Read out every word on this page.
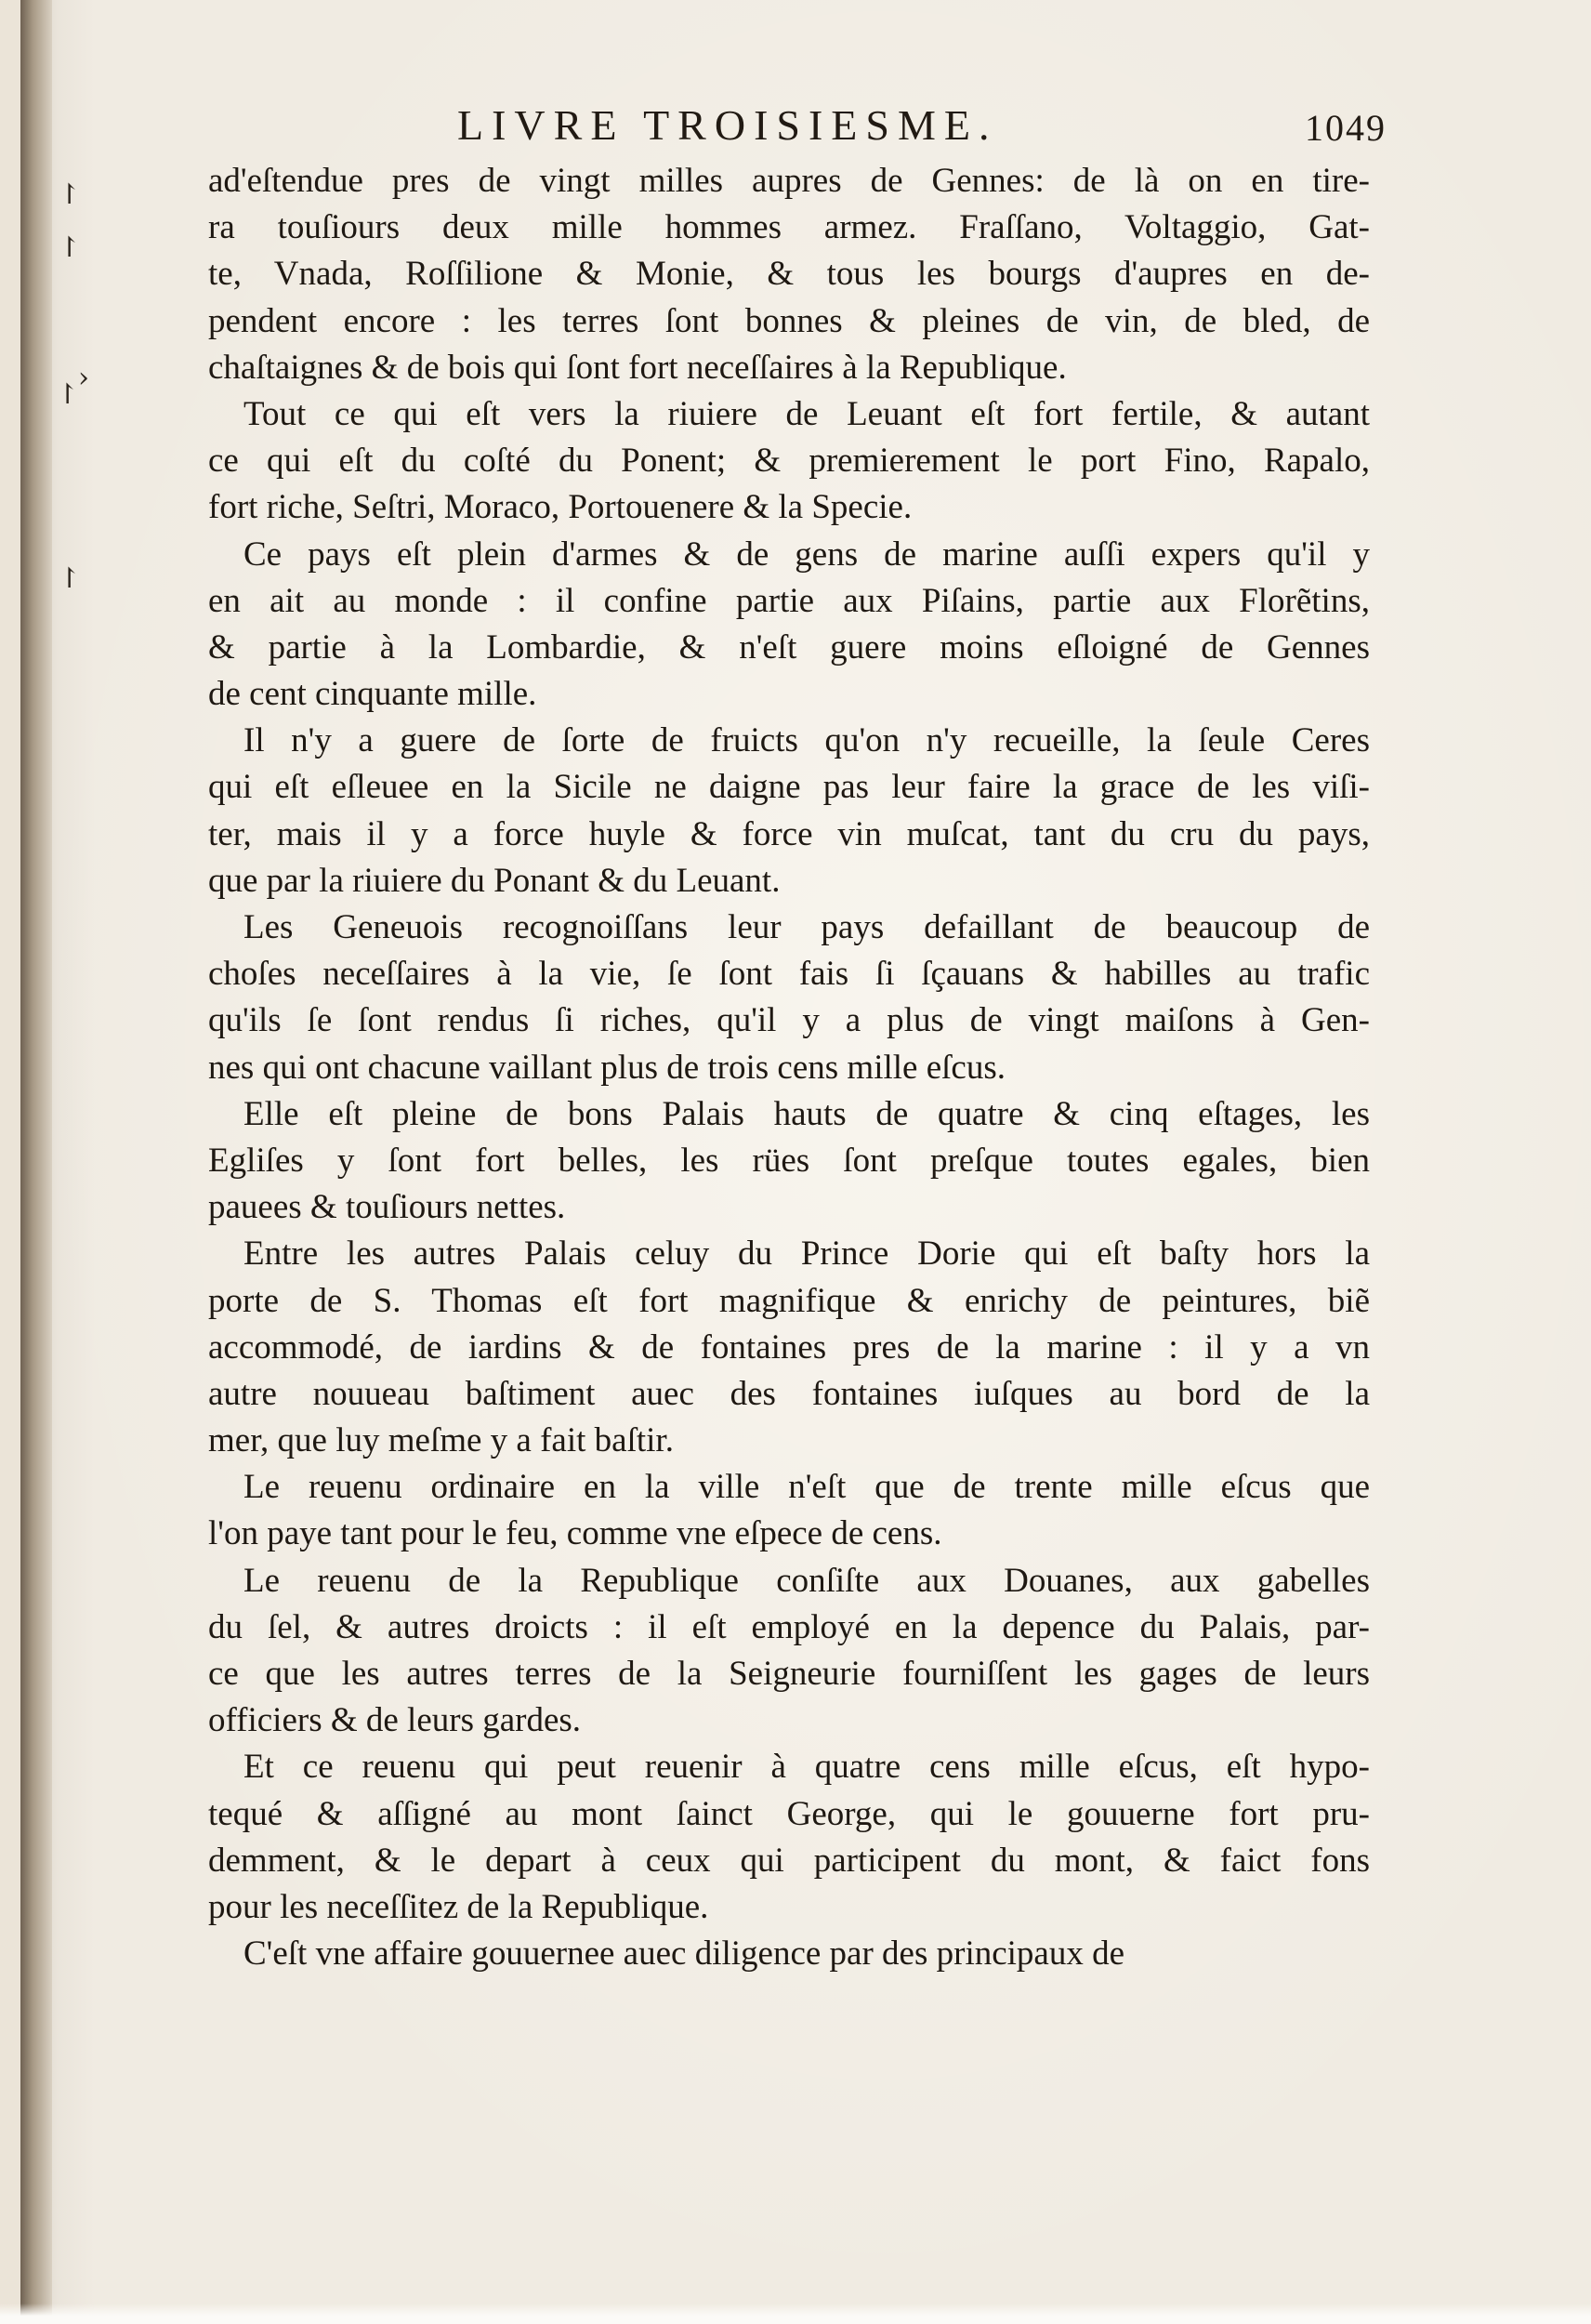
↾
↾
↾
›
↾
LIVRE TROISIESME.	1049
ad'eſtendue pres de vingt milles aupres de Gennes: de là on en tire-
ra touſiours deux mille hommes armez. Fraſſano, Voltaggio, Gat-
te, Vnada, Roſſilione & Monie, & tous les bourgs d'aupres en de-
pendent encore : les terres ſont bonnes & pleines de vin, de bled, de
chaſtaignes & de bois qui ſont fort neceſſaires à la Republique.
Tout ce qui eſt vers la riuiere de Leuant eſt fort fertile, & autant
ce qui eſt du coſté du Ponent; & premierement le port Fino, Rapalo,
fort riche, Seſtri, Moraco, Portouenere & la Specie.
Ce pays eſt plein d'armes & de gens de marine auſſi expers qu'il y
en ait au monde : il confine partie aux Piſains, partie aux Florẽtins,
& partie à la Lombardie, & n'eſt guere moins eſloigné de Gennes
de cent cinquante mille.
Il n'y a guere de ſorte de fruicts qu'on n'y recueille, la ſeule Ceres
qui eſt eſleuee en la Sicile ne daigne pas leur faire la grace de les viſi-
ter, mais il y a force huyle & force vin muſcat, tant du cru du pays,
que par la riuiere du Ponant & du Leuant.
Les Geneuois recognoiſſans leur pays defaillant de beaucoup de
choſes neceſſaires à la vie, ſe ſont fais ſi ſçauans & habilles au trafic
qu'ils ſe ſont rendus ſi riches, qu'il y a plus de vingt maiſons à Gen-
nes qui ont chacune vaillant plus de trois cens mille eſcus.
Elle eſt pleine de bons Palais hauts de quatre & cinq eſtages, les
Egliſes y ſont fort belles, les rües ſont preſque toutes egales, bien
pauees & touſiours nettes.
Entre les autres Palais celuy du Prince Dorie qui eſt baſty hors la
porte de S. Thomas eſt fort magnifique & enrichy de peintures, biẽ
accommodé, de iardins & de fontaines pres de la marine : il y a vn
autre nouueau baſtiment auec des fontaines iuſques au bord de la
mer, que luy meſme y a fait baſtir.
Le reuenu ordinaire en la ville n'eſt que de trente mille eſcus que
l'on paye tant pour le feu, comme vne eſpece de cens.
Le reuenu de la Republique conſiſte aux Douanes, aux gabelles
du ſel, & autres droicts : il eſt employé en la depence du Palais, par-
ce que les autres terres de la Seigneurie fourniſſent les gages de leurs
officiers & de leurs gardes.
Et ce reuenu qui peut reuenir à quatre cens mille eſcus, eſt hypo-
tequé & aſſigné au mont ſainct George, qui le gouuerne fort pru-
demment, & le depart à ceux qui participent du mont, & faict fons
pour les neceſſitez de la Republique.
C'eſt vne affaire gouuernee auec diligence par des principaux de
